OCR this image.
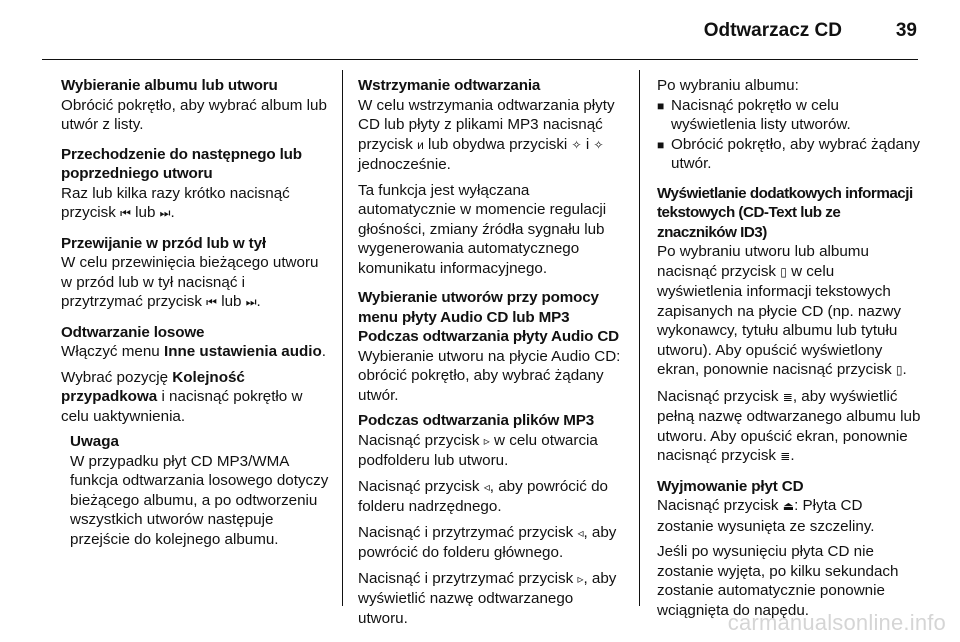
Odtwarzacz CD	39
Wybieranie albumu lub utworu
Obrócić pokrętło, aby wybrać album lub utwór z listy.
Przechodzenie do następnego lub poprzedniego utworu
Raz lub kilka razy krótko nacisnąć przycisk ⏮ lub ⏭.
Przewijanie w przód lub w tył
W celu przewinięcia bieżącego utworu w przód lub w tył nacisnąć i przytrzymać przycisk ⏮ lub ⏭.
Odtwarzanie losowe
Włączyć menu Inne ustawienia audio.
Wybrać pozycję Kolejność przypadkowa i nacisnąć pokrętło w celu uaktywnienia.
Uwaga
W przypadku płyt CD MP3/WMA funkcja odtwarzania losowego dotyczy bieżącego albumu, a po odtworzeniu wszystkich utworów następuje przejście do kolejnego albumu.
Wstrzymanie odtwarzania
W celu wstrzymania odtwarzania płyty CD lub płyty z plikami MP3 nacisnąć przycisk ᴎ lub obydwa przyciski ✧ i ✧ jednocześnie.
Ta funkcja jest wyłączana automatycznie w momencie regulacji głośności, zmiany źródła sygnału lub wygenerowania automatycznego komunikatu informacyjnego.
Wybieranie utworów przy pomocy menu płyty Audio CD lub MP3
Podczas odtwarzania płyty Audio CD
Wybieranie utworu na płycie Audio CD: obrócić pokrętło, aby wybrać żądany utwór.
Podczas odtwarzania plików MP3
Nacisnąć przycisk ▹ w celu otwarcia podfolderu lub utworu.
Nacisnąć przycisk ◃, aby powrócić do folderu nadrzędnego.
Nacisnąć i przytrzymać przycisk ◃, aby powrócić do folderu głównego.
Nacisnąć i przytrzymać przycisk ▹, aby wyświetlić nazwę odtwarzanego utworu.
Po wybraniu albumu:
■ Nacisnąć pokrętło w celu wyświetlenia listy utworów.
■ Obrócić pokrętło, aby wybrać żądany utwór.
Wyświetlanie dodatkowych informacji tekstowych (CD-Text lub ze znaczników ID3)
Po wybraniu utworu lub albumu nacisnąć przycisk ▯ w celu wyświetlenia informacji tekstowych zapisanych na płycie CD (np. nazwy wykonawcy, tytułu albumu lub tytułu utworu). Aby opuścić wyświetlony ekran, ponownie nacisnąć przycisk ▯.
Nacisnąć przycisk ≣, aby wyświetlić pełną nazwę odtwarzanego albumu lub utworu. Aby opuścić ekran, ponownie nacisnąć przycisk ≣.
Wyjmowanie płyt CD
Nacisnąć przycisk ⏏: Płyta CD zostanie wysunięta ze szczeliny.
Jeśli po wysunięciu płyta CD nie zostanie wyjęta, po kilku sekundach zostanie automatycznie ponownie wciągnięta do napędu.
carmanualsonline.info
